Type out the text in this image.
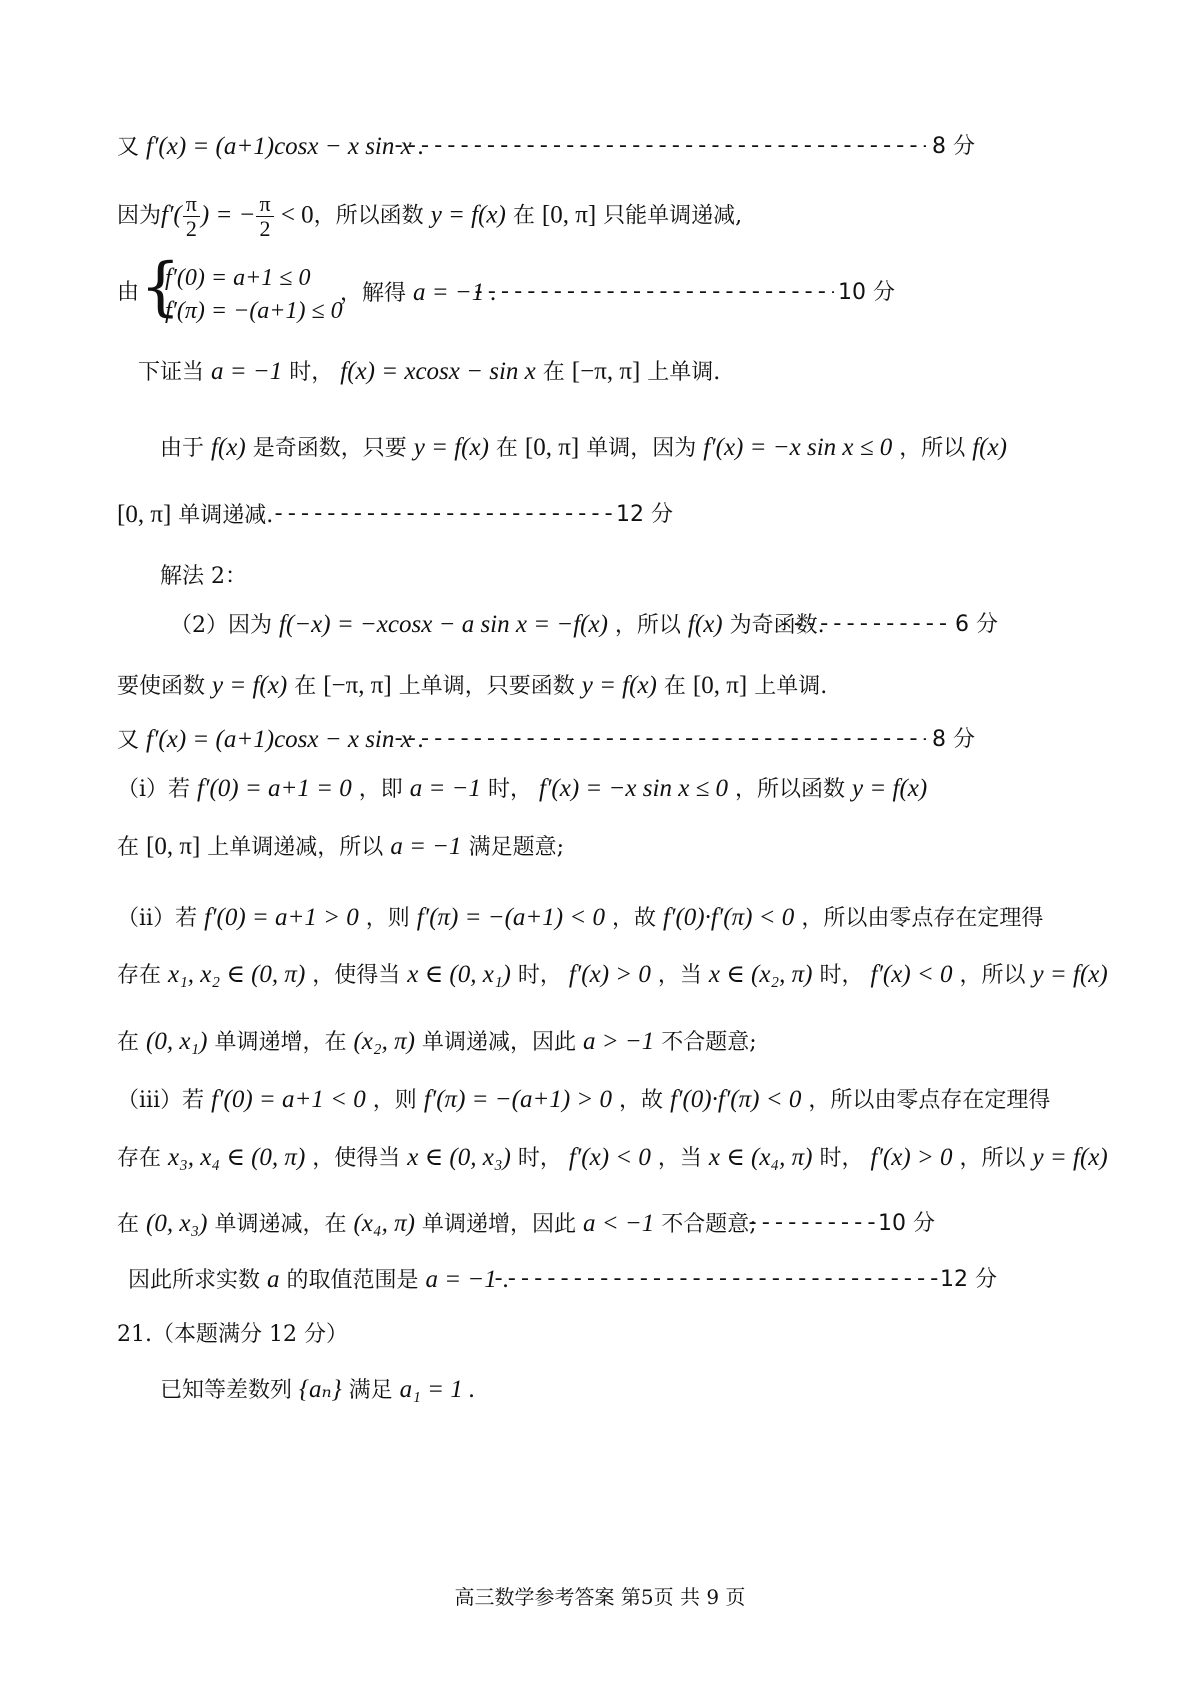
又 f′(x) = (a+1)cosx − x sin x . -----	8 分
因为$f'( \frac{\pi}{2}$ ) = − $\frac{\pi}{2} < 0$，所以函数 y = f(x) 在 [0, π] 只能单调递减,
由 {
f′(0) = a+1 ≤ 0
f′(π) = −(a+1) ≤ 0
，解得 a = −1 . -----	10 分
下证当 a = −1 时， f(x) = xcosx − sin x 在 [−π, π] 上单调.
由于 f(x) 是奇函数，只要 y = f(x) 在 [0, π] 单调，因为 f′(x) = −x sin x ≤ 0 ，所以 f(x)
[0, π] 单调递减. -----	12 分
解法 2：
（2）因为 f(−x) = −xcosx − a sin x = −f(x) ，所以 f(x) 为奇函数. -----	6 分
要使函数 y = f(x) 在 [−π, π] 上单调，只要函数 y = f(x) 在 [0, π] 上单调.
又 f′(x) = (a+1)cosx − x sin x . -----	8 分
（i）若 f′(0) = a+1 = 0 ，即 a = −1 时， f′(x) = −x sin x ≤ 0 ，所以函数 y = f(x)
在 [0, π] 上单调递减，所以 a = −1 满足题意;
（ii）若 f′(0) = a+1 > 0 ，则 f′(π) = −(a+1) < 0 ，故 f′(0)·f′(π) < 0 ，所以由零点存在定理得
存在 x₁, x₂ ∈ (0, π) ，使得当 x ∈ (0, x₁) 时， f′(x) > 0 ，当 x ∈ (x₂, π) 时， f′(x) < 0 ，所以 y = f(x)
在 (0, x₁) 单调递增，在 (x₂, π) 单调递减，因此 a > −1 不合题意;
（iii）若 f′(0) = a+1 < 0 ，则 f′(π) = −(a+1) > 0 ，故 f′(0)·f′(π) < 0 ，所以由零点存在定理得
存在 x₃, x₄ ∈ (0, π) ，使得当 x ∈ (0, x₃) 时， f′(x) < 0 ，当 x ∈ (x₄, π) 时， f′(x) > 0 ，所以 y = f(x)
在 (0, x₃) 单调递减，在 (x₄, π) 单调递增，因此 a < −1 不合题意; -----	10 分
因此所求实数 a 的取值范围是 a = −1 . -----	12 分
21.（本题满分 12 分）
已知等差数列 {aₙ} 满足 a₁ = 1 .
高三数学参考答案 第5页 共 9 页
